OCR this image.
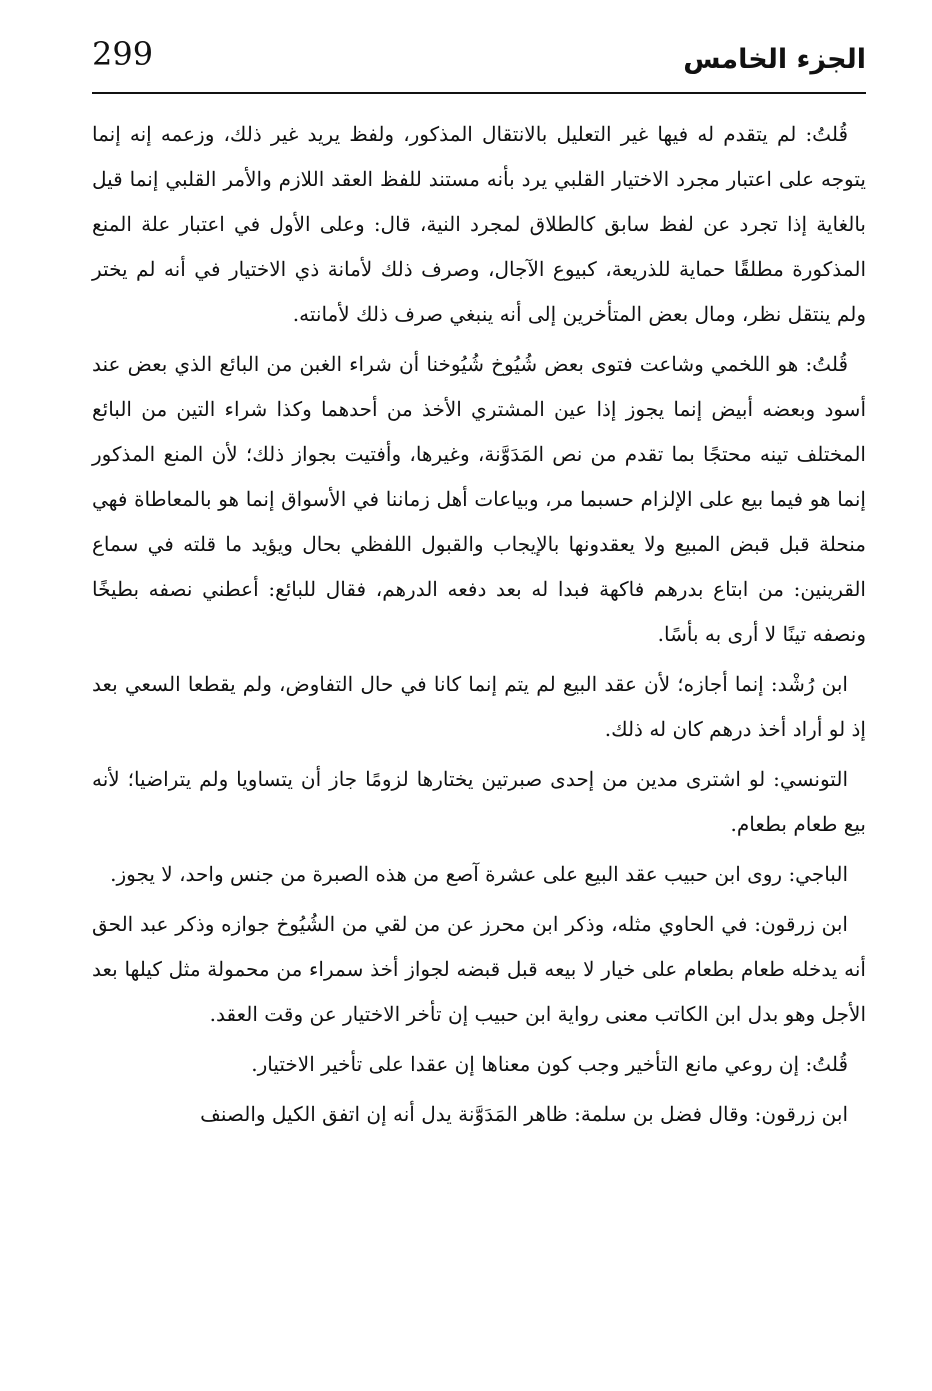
299	الجزء الخامس

قُلتُ: لم يتقدم له فيها غير التعليل بالانتقال المذكور، ولفظ يريد غير ذلك، وزعمه إنه إنما يتوجه على اعتبار مجرد الاختيار القلبي يرد بأنه مستند للفظ العقد اللازم والأمر القلبي إنما قيل بالغاية إذا تجرد عن لفظ سابق كالطلاق لمجرد النية، قال: وعلى الأول في اعتبار علة المنع المذكورة مطلقًا حماية للذريعة، كبيوع الآجال، وصرف ذلك لأمانة ذي الاختيار في أنه لم يختر ولم ينتقل نظر، ومال بعض المتأخرين إلى أنه ينبغي صرف ذلك لأمانته.

قُلتُ: هو اللخمي وشاعت فتوى بعض شُيُوخ شُيُوخنا أن شراء الغبن من البائع الذي بعض عند أسود وبعضه أبيض إنما يجوز إذا عين المشتري الأخذ من أحدهما وكذا شراء التين من البائع المختلف تينه محتجًا بما تقدم من نص المَدَوَّنة، وغيرها، وأفتيت بجواز ذلك؛ لأن المنع المذكور إنما هو فيما بيع على الإلزام حسبما مر، وبياعات أهل زماننا في الأسواق إنما هو بالمعاطاة فهي منحلة قبل قبض المبيع ولا يعقدونها بالإيجاب والقبول اللفظي بحال ويؤيد ما قلته في سماع القرينين: من ابتاع بدرهم فاكهة فبدا له بعد دفعه الدرهم، فقال للبائع: أعطني نصفه بطيخًا ونصفه تينًا لا أرى به بأسًا.

ابن رُشْد: إنما أجازه؛ لأن عقد البيع لم يتم إنما كانا في حال التفاوض، ولم يقطعا السعي بعد إذ لو أراد أخذ درهم كان له ذلك.

التونسي: لو اشترى مدين من إحدى صبرتين يختارها لزومًا جاز أن يتساويا ولم يتراضيا؛ لأنه بيع طعام بطعام.

الباجي: روى ابن حبيب عقد البيع على عشرة آصع من هذه الصبرة من جنس واحد، لا يجوز.

ابن زرقون: في الحاوي مثله، وذكر ابن محرز عن من لقي من الشُيُوخ جوازه وذكر عبد الحق أنه يدخله طعام بطعام على خيار لا بيعه قبل قبضه لجواز أخذ سمراء من محمولة مثل كيلها بعد الأجل وهو بدل ابن الكاتب معنى رواية ابن حبيب إن تأخر الاختيار عن وقت العقد.

قُلتُ: إن روعي مانع التأخير وجب كون معناها إن عقدا على تأخير الاختيار.

ابن زرقون: وقال فضل بن سلمة: ظاهر المَدَوَّنة يدل أنه إن اتفق الكيل والصنف
